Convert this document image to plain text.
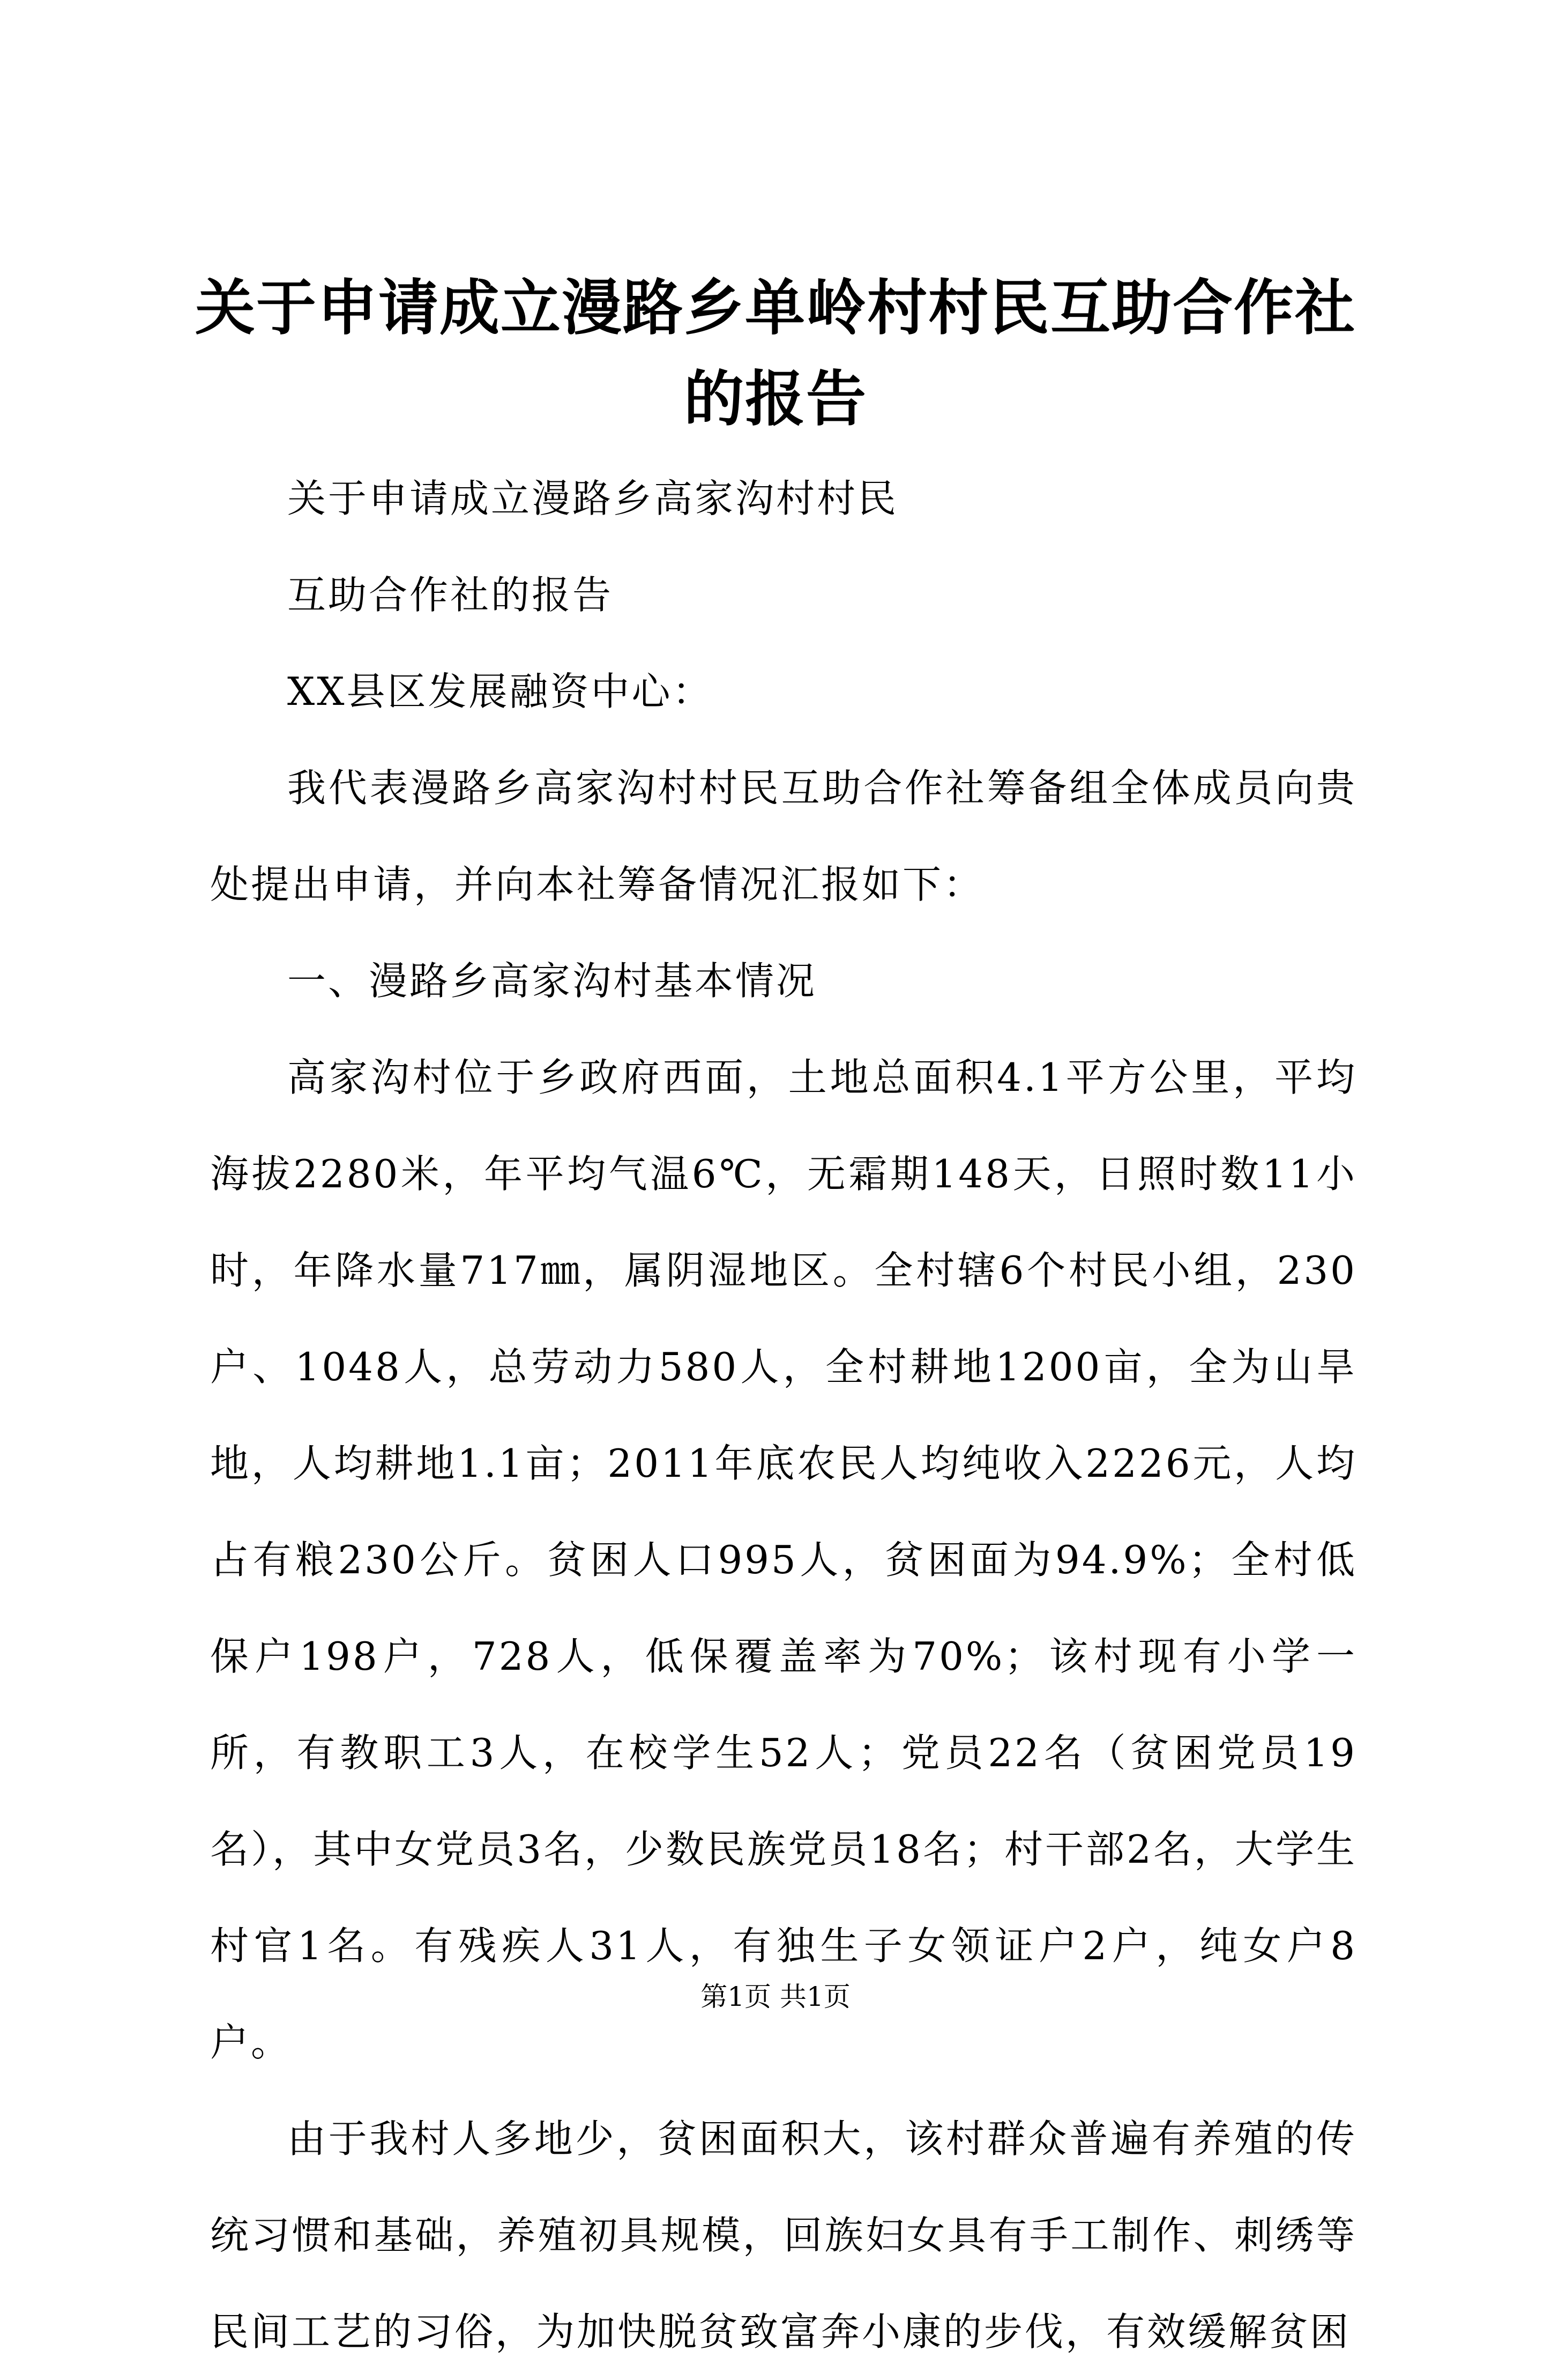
关于申请成立漫路乡单岭村村民互助合作社的报告

关于申请成立漫路乡高家沟村村民

互助合作社的报告

XX县区发展融资中心：

我代表漫路乡高家沟村村民互助合作社筹备组全体成员向贵处提出申请，并向本社筹备情况汇报如下：

一、漫路乡高家沟村基本情况

高家沟村位于乡政府西面，土地总面积4.1平方公里，平均海拔2280米，年平均气温6℃，无霜期148天，日照时数11小时，年降水量717㎜，属阴湿地区。全村辖6个村民小组，230户、1048人，总劳动力580人，全村耕地1200亩，全为山旱地，人均耕地1.1亩；2011年底农民人均纯收入2226元，人均占有粮230公斤。贫困人口995人，贫困面为94.9%；全村低保户198户，728人，低保覆盖率为70%；该村现有小学一所，有教职工3人，在校学生52人；党员22名（贫困党员19名），其中女党员3名，少数民族党员18名；村干部2名，大学生村官1名。有残疾人31人，有独生子女领证户2户，纯女户8户。

由于我村人多地少，贫困面积大，该村群众普遍有养殖的传统习惯和基础，养殖初具规模，回族妇女具有手工制作、刺绣等民间工艺的习俗，为加快脱贫致富奔小康的步伐，有效缓解贫困

第1页 共1页
